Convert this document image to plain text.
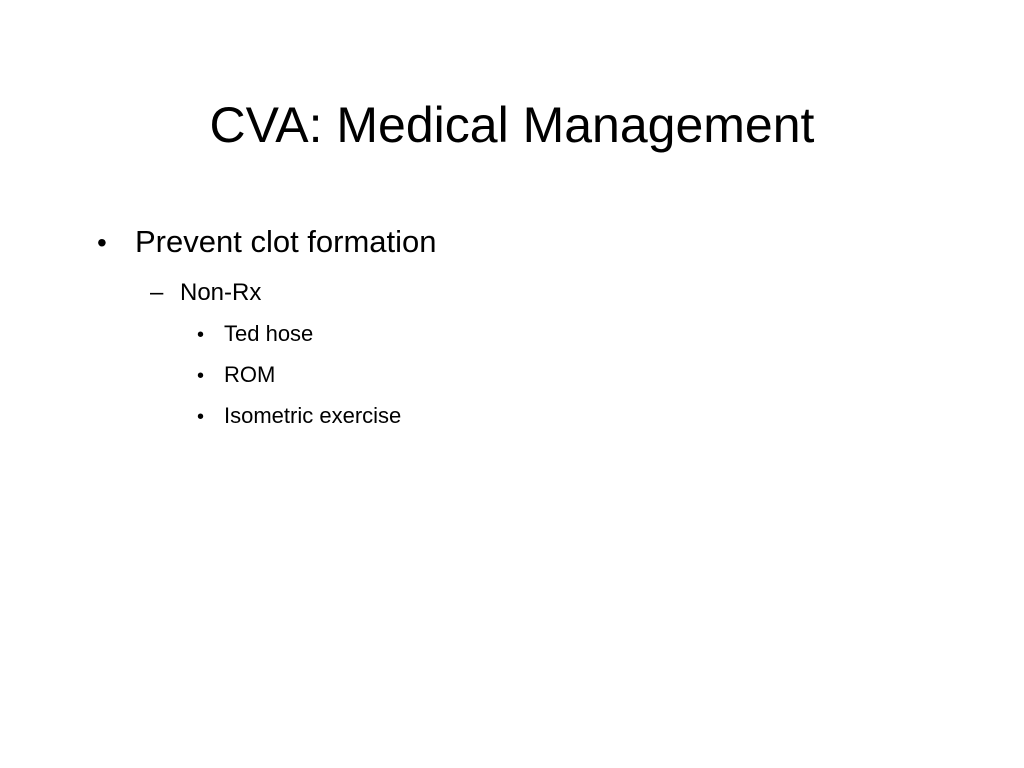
CVA: Medical Management
• Prevent clot formation
– Non-Rx
• Ted hose
• ROM
• Isometric exercise
